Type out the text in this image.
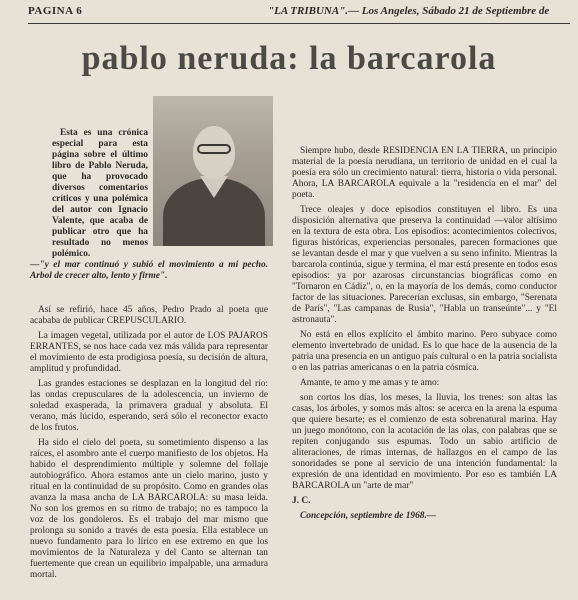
PAGINA 6	"LA TRIBUNA".— Los Angeles, Sábado 21 de Septiembre de
pablo neruda: la barcarola

Esta es una crónica especial para esta página sobre el último libro de Pablo Neruda, que ha provocado diversos comentarios críticos y una polémica del autor con Ignacio Valente, que acaba de publicar otro que ha resultado no menos polémico.

—"y el mar continuó y subió el movimiento a mi pecho. Arbol de crecer alto, lento y firme".

Así se refirió, hace 45 años, Pedro Prado al poeta que acababa de publicar CREPUSCULARIO.

La imagen vegetal, utilizada por el autor de LOS PAJAROS ERRANTES, se nos hace cada vez más válida para representar el movimiento de esta prodigiosa poesía, su decisión de altura, amplitud y profundidad.

Las grandes estaciones se desplazan en la longitud del río: las ondas crepusculares de la adolescencia, un invierno de soledad exasperada, la primavera gradual y absoluta. El verano, más lúcido, esperando, será sólo el reconector exacto de los frutos.

Ha sido el cielo del poeta, su sometimiento dispenso a las raíces, el asombro ante el cuerpo manifiesto de los objetos. Ha habido el desprendimiento múltiple y solemne del follaje autobiográfico. Ahora estamos ante un cielo marino, justo y ritual en la continuidad de su propósito. Como en grandes olas avanza la masa ancha de LA BARCAROLA: su masa leída. No son los gremos en su ritmo de trabajo; no es tampoco la voz de los gondoleros. Es el trabajo del mar mismo que prolonga su sonido a través de esta poesía. Ella establece un nuevo fundamento para lo lírico en ese extremo en que los movimientos de la Naturaleza y del Canto se alternan tan fuertemente que crean un equilibrio impalpable, una armadura mortal.

Siempre hubo, desde RESIDENCIA EN LA TIERRA, un principio material de la poesía nerudiana, un territorio de unidad en el cual la poesía era sólo un crecimiento natural: tierra, historia o vida personal. Ahora, LA BARCAROLA equivale a la "residencia en el mar" del poeta.

Trece oleajes y doce episodios constituyen el libro. Es una disposición alternativa que preserva la continuidad —valor altísimo en la textura de esta obra. Los episodios: acontecimientos colectivos, figuras históricas, experiencias personales, parecen formaciones que se levantan desde el mar y que vuelven a su seno infinito. Mientras la barcarola continúa, sigue y termina, el mar está presente en todos esos episodios: ya por azarosas circunstancias biográficas como en "Tornaron en Cádiz", o, en la mayoría de los demás, como conductor factor de las situaciones. Parecerían exclusas, sin embargo, "Serenata de París", "Las campanas de Rusia", "Habla un transeúnte"... y "El astronauta".

No está en ellos explícito el ámbito marino. Pero subyace como elemento invertebrado de unidad. Es lo que hace de la ausencia de la patria una presencia en un antiguo país cultural o en la patria socialista o en las patrias americanas o en la patria cósmica.

Amante, te amo y me amas y te amo:

son cortos los días, los meses, la lluvia, los trenes: son altas las casas, los árboles, y somos más altos: se acerca en la arena la espuma que quiere besarte; es el comienzo de esta sobrenatural marina. Hay un juego monótono, con la acotación de las olas, con palabras que se repiten conjugando sus espumas. Todo un sabio artificio de aliteraciones, de rimas internas, de hallazgos en el campo de las sonoridades se pone al servicio de una intención fundamental: la expresión de una identidad en movimiento. Por eso es también LA BARCAROLA un "arte de mar"

J. C.

Concepción, septiembre de 1968.—
